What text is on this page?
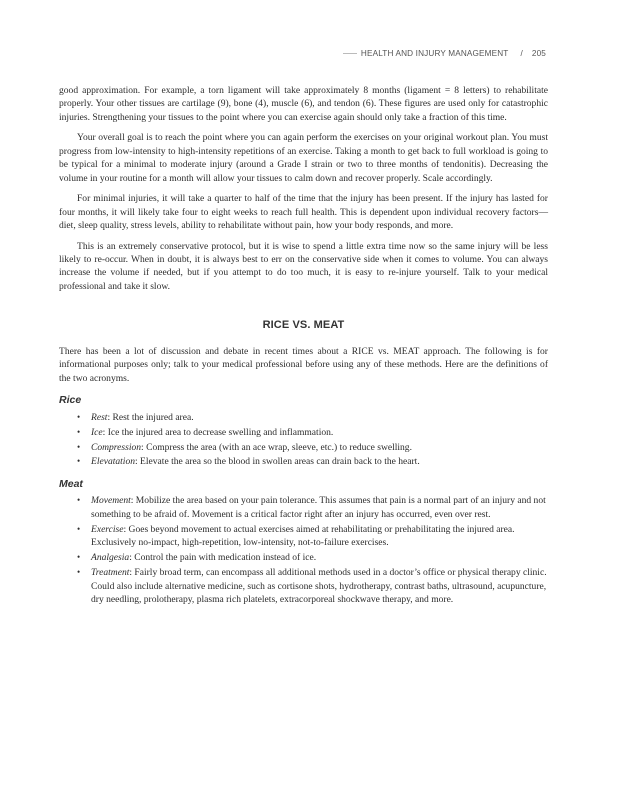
HEALTH AND INJURY MANAGEMENT / 205

good approximation. For example, a torn ligament will take approximately 8 months (ligament = 8 letters) to rehabilitate properly. Your other tissues are cartilage (9), bone (4), muscle (6), and tendon (6). These figures are used only for catastrophic injuries. Strengthening your tissues to the point where you can exercise again should only take a fraction of this time.

Your overall goal is to reach the point where you can again perform the exercises on your original workout plan. You must progress from low-intensity to high-intensity repetitions of an exercise. Taking a month to get back to full workload is going to be typical for a minimal to moderate injury (around a Grade I strain or two to three months of tendonitis). Decreasing the volume in your routine for a month will allow your tissues to calm down and recover properly. Scale accordingly.

For minimal injuries, it will take a quarter to half of the time that the injury has been present. If the injury has lasted for four months, it will likely take four to eight weeks to reach full health. This is dependent upon individual recovery factors—diet, sleep quality, stress levels, ability to rehabilitate without pain, how your body responds, and more.

This is an extremely conservative protocol, but it is wise to spend a little extra time now so the same injury will be less likely to re-occur. When in doubt, it is always best to err on the conservative side when it comes to volume. You can always increase the volume if needed, but if you attempt to do too much, it is easy to re-injure yourself. Talk to your medical professional and take it slow.

RICE VS. MEAT

There has been a lot of discussion and debate in recent times about a RICE vs. MEAT approach. The following is for informational purposes only; talk to your medical professional before using any of these methods. Here are the definitions of the two acronyms.

Rice
• Rest: Rest the injured area.
• Ice: Ice the injured area to decrease swelling and inflammation.
• Compression: Compress the area (with an ace wrap, sleeve, etc.) to reduce swelling.
• Elevatation: Elevate the area so the blood in swollen areas can drain back to the heart.
Meat
• Movement: Mobilize the area based on your pain tolerance. This assumes that pain is a normal part of an injury and not something to be afraid of. Movement is a critical factor right after an injury has occurred, even over rest.
• Exercise: Goes beyond movement to actual exercises aimed at rehabilitating or prehabilitating the injured area. Exclusively no-impact, high-repetition, low-intensity, not-to-failure exercises.
• Analgesia: Control the pain with medication instead of ice.
• Treatment: Fairly broad term, can encompass all additional methods used in a doctor’s office or physical therapy clinic. Could also include alternative medicine, such as cortisone shots, hydrotherapy, contrast baths, ultrasound, acupuncture, dry needling, prolotherapy, plasma rich platelets, extracorporeal shockwave therapy, and more.
